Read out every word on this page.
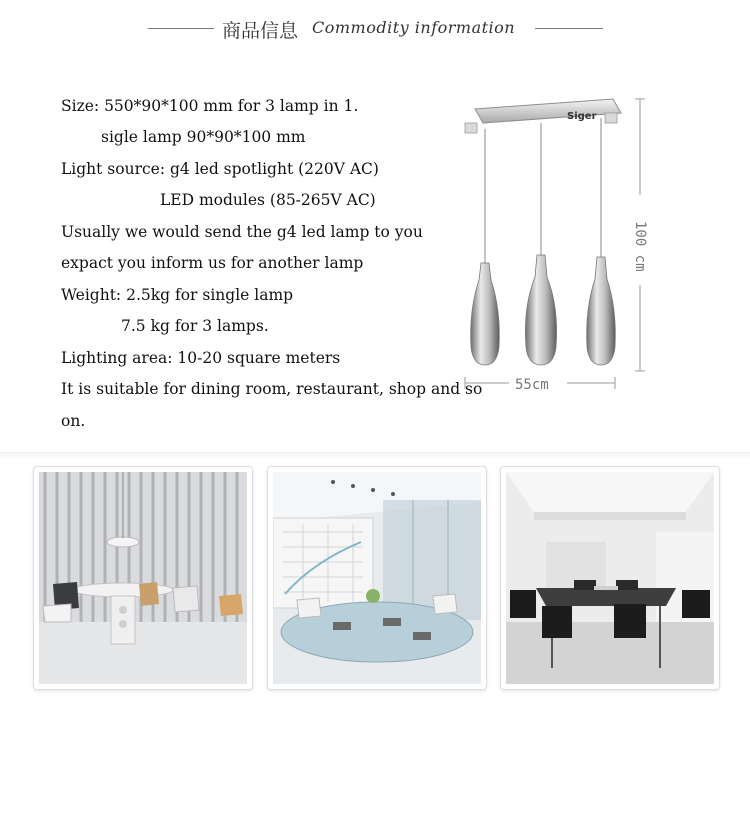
商品信息 Commodity information
Size: 550*90*100 mm for 3 lamp in 1.
sigle lamp 90*90*100 mm
Light source: g4 led spotlight (220V AC)
LED modules (85-265V AC)
Usually we would send the g4 led lamp to you
expact you inform us for another lamp
Weight: 2.5kg for single lamp
7.5 kg for 3 lamps.
Lighting area: 10-20 square meters
It is suitable for dining room, restaurant, shop and so
on.
Siger
100 cm
55cm
